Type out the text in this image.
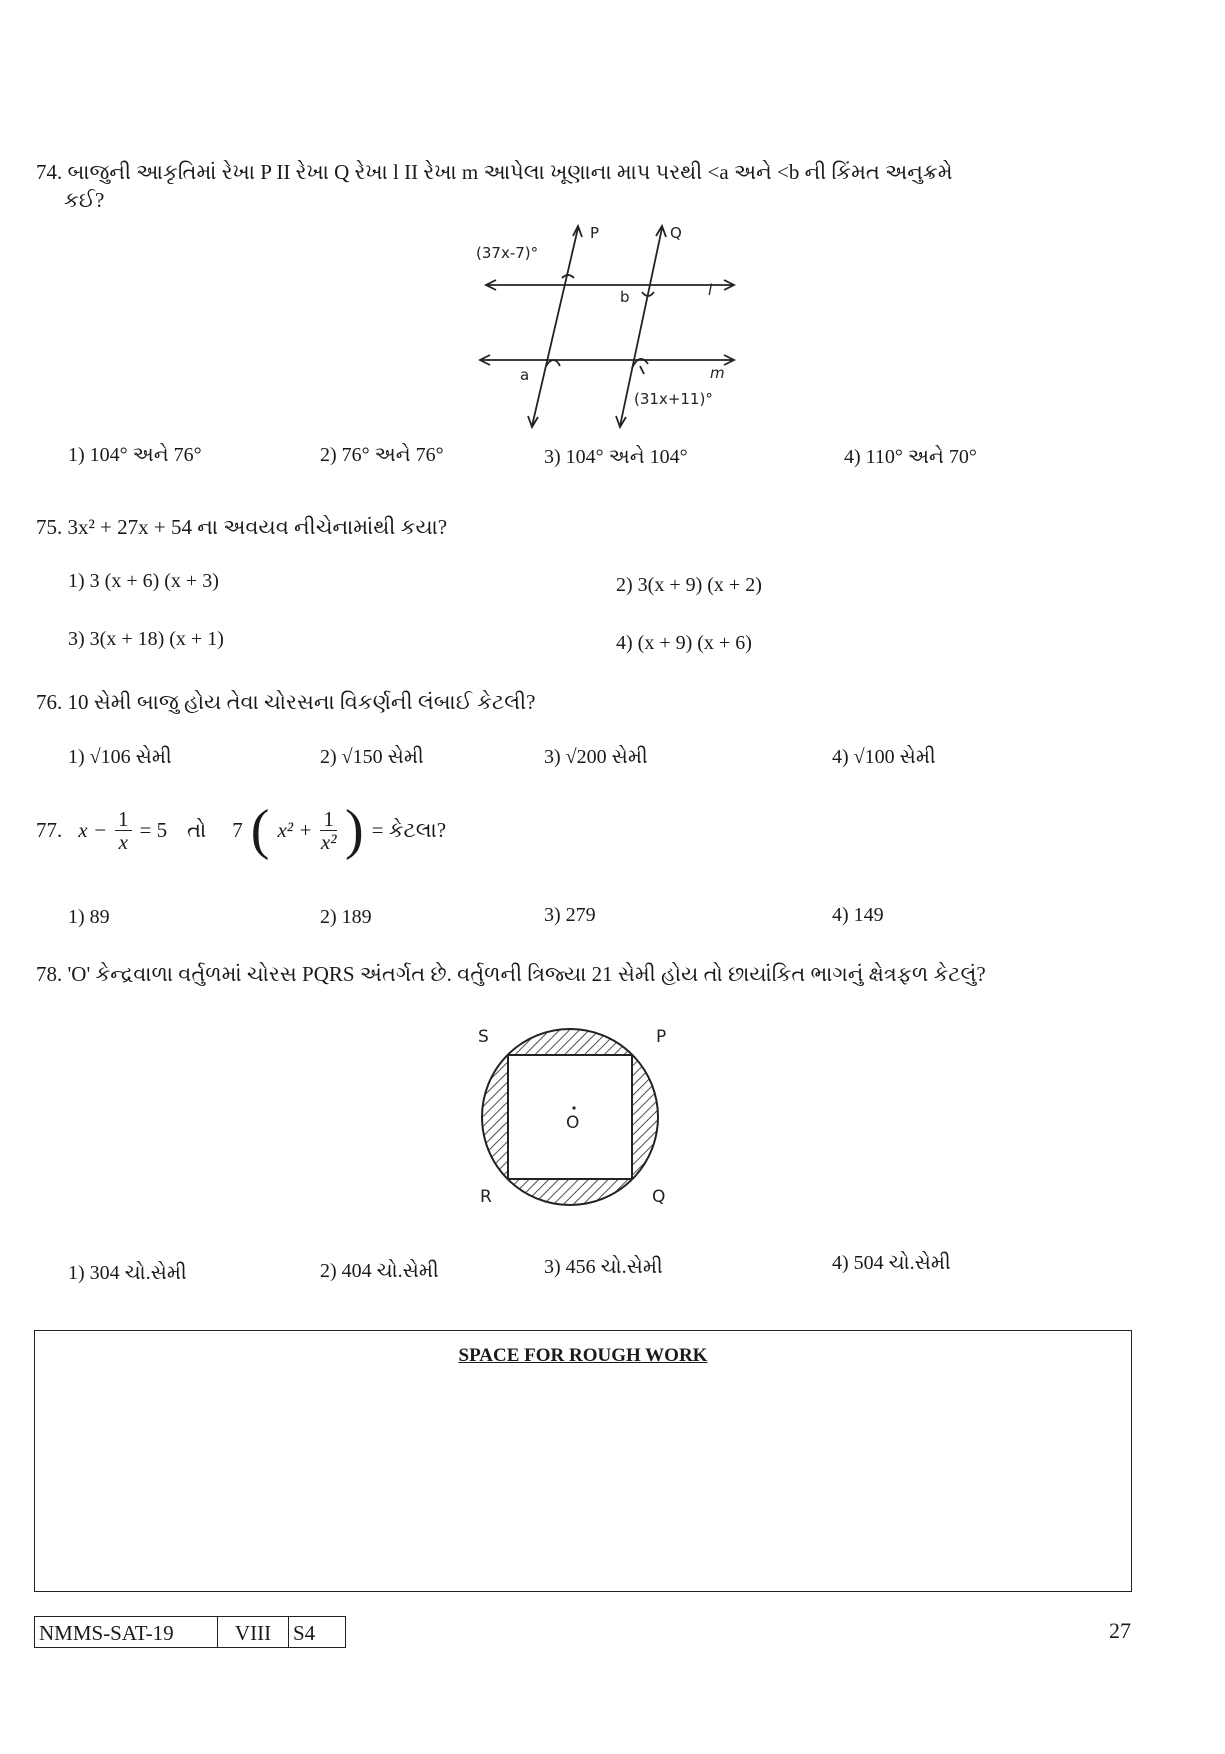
74. બાજુની આકૃતિમાં રેખા P II રેખા Q રેખા l II રેખા m આપેલા ખૂણાના માપ પરથી <a અને <b ની કિંમત અનુક્રમે
કઈ?
(37x-7)°
P	Q
l
m
b
a
(31x+11)°
1) 104° અને 76°	2) 76° અને 76°	3) 104° અને 104°	4) 110° અને 70°
75. 3x² + 27x + 54 ના અવયવ નીચેનામાંથી કયા?
1) 3 (x + 6) (x + 3)	2) 3(x + 9) (x + 2)
3) 3(x + 18) (x + 1)	4) (x + 9) (x + 6)
76. 10 સેમી બાજુ હોય તેવા ચોરસના વિકર્ણની લંબાઈ કેટલી?
1) √106 સેમી	2) √150 સેમી	3) √200 સેમી	4) √100 સેમી
77. $x - \frac{1}{x} = 5$ તો 7 ( $x^2 + \frac{1}{\text{x²}}$ ) = કેટલા?
1) 89	2) 189	3) 279	4) 149
78. 'O' કેન્દ્રવાળા વર્તુળમાં ચોરસ PQRS અંતર્ગત છે. વર્તુળની ત્રિજ્યા 21 સેમી હોય તો છાયાંકિત ભાગનું ક્ષેત્રફળ કેટલું?
S	P
R	Q
O
1) 304 ચો.સેમી	2) 404 ચો.સેમી	3) 456 ચો.સેમી	4) 504 ચો.સેમી
SPACE FOR ROUGH WORK
NMMS-SAT-19	VIII	S4	27
